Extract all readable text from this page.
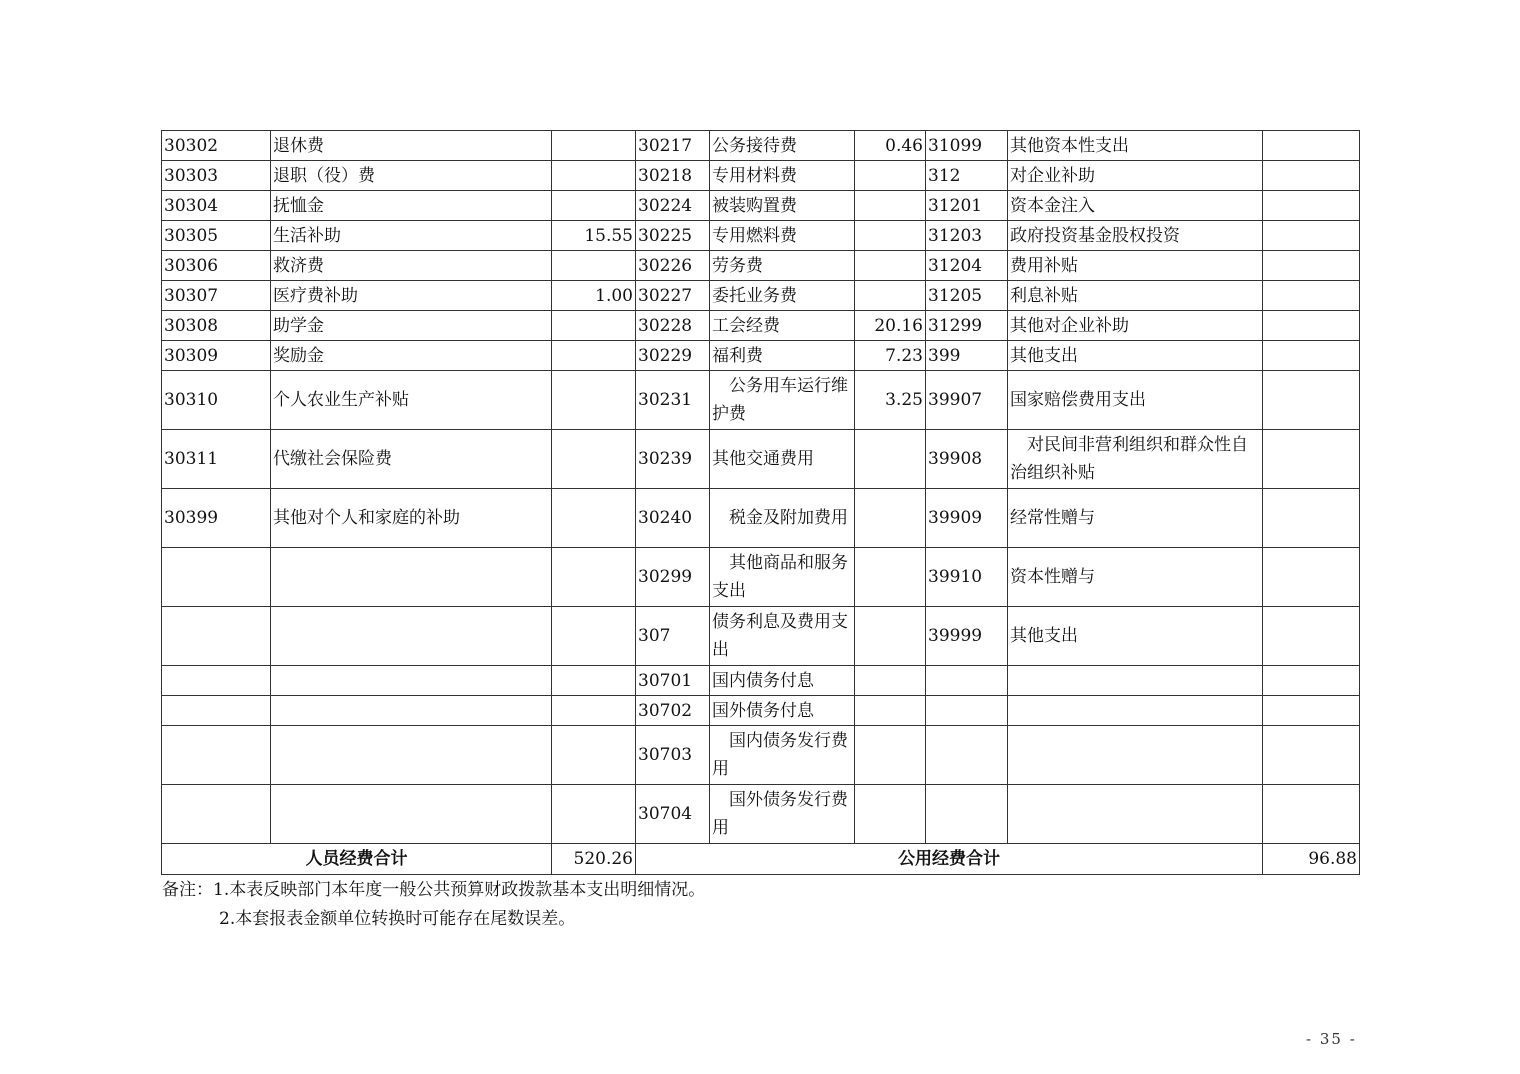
30302	退休费		30217	公务接待费	0.46	31099	其他资本性支出	
30303	退职（役）费		30218	专用材料费		312	对企业补助	
30304	抚恤金		30224	被装购置费		31201	资本金注入	
30305	生活补助	15.55	30225	专用燃料费		31203	政府投资基金股权投资	
30306	救济费		30226	劳务费		31204	费用补贴	
30307	医疗费补助	1.00	30227	委托业务费		31205	利息补贴	
30308	助学金		30228	工会经费	20.16	31299	其他对企业补助	
30309	奖励金		30229	福利费	7.23	399	其他支出	
30310	个人农业生产补贴		30231	公务用车运行维护费	3.25	39907	国家赔偿费用支出	
30311	代缴社会保险费		30239	其他交通费用		39908	对民间非营利组织和群众性自治组织补贴	
30399	其他对个人和家庭的补助		30240	税金及附加费用		39909	经常性赠与	
			30299	其他商品和服务支出		39910	资本性赠与	
			307	债务利息及费用支出		39999	其他支出	
			30701	国内债务付息				
			30702	国外债务付息				
			30703	国内债务发行费用				
			30704	国外债务发行费用				
人员经费合计		520.26	公用经费合计					96.88
备注：1.本表反映部门本年度一般公共预算财政拨款基本支出明细情况。
2.本套报表金额单位转换时可能存在尾数误差。
- 35 -
